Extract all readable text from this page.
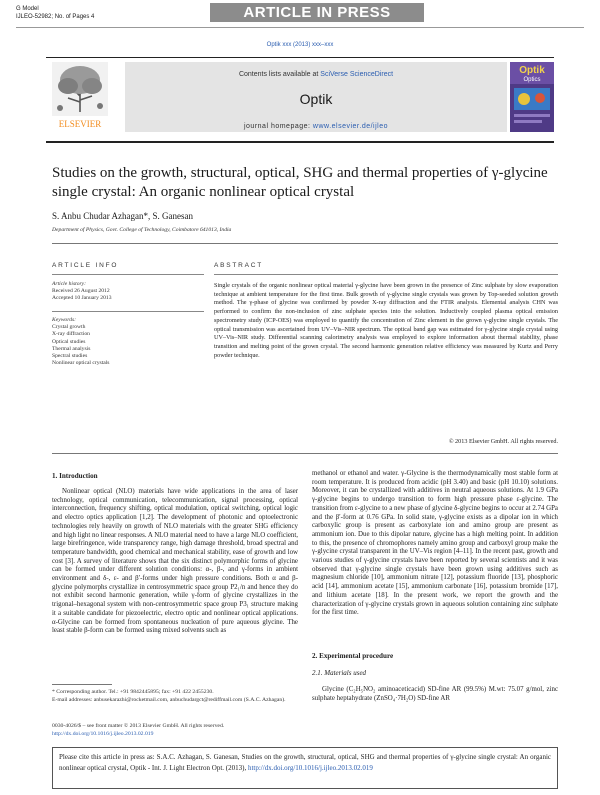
G Model
IJLEO-52982; No. of Pages 4	ARTICLE IN PRESS
Optik xxx (2013) xxx–xxx
ELSEVIER
Contents lists available at SciVerse ScienceDirect
Optik
journal homepage: www.elsevier.de/ijleo
Optik
Optics
Studies on the growth, structural, optical, SHG and thermal properties of γ-glycine single crystal: An organic nonlinear optical crystal
S. Anbu Chudar Azhagan*, S. Ganesan
Department of Physics, Govt. College of Technology, Coimbatore 641013, India
ARTICLE INFO
Article history:
Received 26 August 2012
Accepted 10 January 2013
Keywords:
Crystal growth
X-ray diffraction
Optical studies
Thermal analysis
Spectral studies
Nonlinear optical crystals
ABSTRACT
Single crystals of the organic nonlinear optical material γ-glycine have been grown in the presence of Zinc sulphate by slow evaporation technique at ambient temperature for the first time. Bulk growth of γ-glycine single crystals was grown by Top-seeded solution growth method. The γ-phase of glycine was confirmed by powder X-ray diffraction and the FTIR analysis. Elemental analysis CHN was performed to confirm the non-inclusion of zinc sulphate species into the solution. Inductively coupled plasma optical emission spectrometry study (ICP-OES) was employed to quantify the concentration of Zinc element in the grown γ-glycine single crystals. The optical transmission was ascertained from UV–Vis–NIR spectrum. The optical band gap was estimated for γ-glycine single crystal using UV–Vis–NIR study. Differential scanning calorimetry analysis was employed to explore information about thermal stability, phase transition and melting point of the grown crystal. The second harmonic generation relative efficiency was measured by Kurtz and Perry powder technique.
© 2013 Elsevier GmbH. All rights reserved.
1. Introduction
Nonlinear optical (NLO) materials have wide applications in the area of laser technology, optical communication, telecommunication, signal processing, optical interconnection, frequency shifting, optical modulation, optical switching, optical logic and electro optics application [1,2]. The development of photonic and optoelectronic technologies rely heavily on growth of NLO materials with the greater SHG efficiency and high light no linear responses. A NLO material need to have a large NLO coefficient, large birefringence, wide transparency range, high damage threshold, broad spectral and temperature bandwidth, good chemical and mechanical stability, ease of growth and low cost [3]. A survey of literature shows that the six distinct polymorphic forms of glycine can be formed under different solution conditions: α-, β-, and γ-forms in ambient environment and δ-, ε- and β′-forms under high pressure conditions. Both α and β-glycine polymorphs crystallize in centrosymmetric space group P2₁/n and hence they do not exhibit second harmonic generation, while γ-form of glycine crystallizes in the trigonal–hexagonal system with non-centrosymmetric space group P3₁ structure making it a suitable candidate for piezoelectric, electro optic and nonlinear optical applications. α-Glycine can be formed from spontaneous nucleation of pure aqueous glycine. The least stable β-form can be formed using mixed solvents such as
methanol or ethanol and water. γ-Glycine is the thermodynamically most stable form at room temperature. It is produced from acidic (pH 3.40) and basic (pH 10.10) solutions. Moreover, it can be crystallized with additives in neutral aqueous solutions. At 1.9 GPa γ-glycine begins to undergo transition to form high pressure phase ε-glycine. The transition from ε-glycine to a new phase of glycine δ-glycine begins to occur at 2.74 GPa and the β′-form at 0.76 GPa. In solid state, γ-glycine exists as a dipolar ion in which carboxylic group is present as carboxylate ion and amino group are present as ammonium ion. Due to this dipolar nature, glycine has a high melting point. In addition to this, the presence of chromophores namely amino group and carboxyl group make the γ-glycine crystal transparent in the UV–Vis region [4–11]. In the recent past, growth and various studies of γ-glycine crystals have been reported by several scientists and it was observed that γ-glycine single crystals have been grown using additives such as magnesium chloride [10], ammonium nitrate [12], potassium fluoride [13], phosphoric acid [14], ammonium acetate [15], ammonium carbonate [16], potassium bromide [17], and lithium acetate [18]. In the present work, we report the growth and the characterization of γ-glycine crystals grown in aqueous solution containing zinc sulphate for the first time.
2. Experimental procedure
2.1. Materials used
Glycine (C₂H₅NO₂ aminoaceticacid) SD-fine AR (99.5%) M.wt: 75.07 g/mol, zinc sulphate heptahydrate (ZnSO₄·7H₂O) SD-fine AR
* Corresponding author. Tel.: +91 9842445895; fax: +91 422 2455230.
E-mail addresses: anbusekarazhi@rocketmail.com, anbuchudargct@rediffmail.com (S.A.C. Azhagan).
0030-4026/$ – see front matter © 2013 Elsevier GmbH. All rights reserved.
http://dx.doi.org/10.1016/j.ijleo.2013.02.019
Please cite this article in press as: S.A.C. Azhagan, S. Ganesan, Studies on the growth, structural, optical, SHG and thermal properties of γ-glycine single crystal: An organic nonlinear optical crystal, Optik - Int. J. Light Electron Opt. (2013), http://dx.doi.org/10.1016/j.ijleo.2013.02.019
